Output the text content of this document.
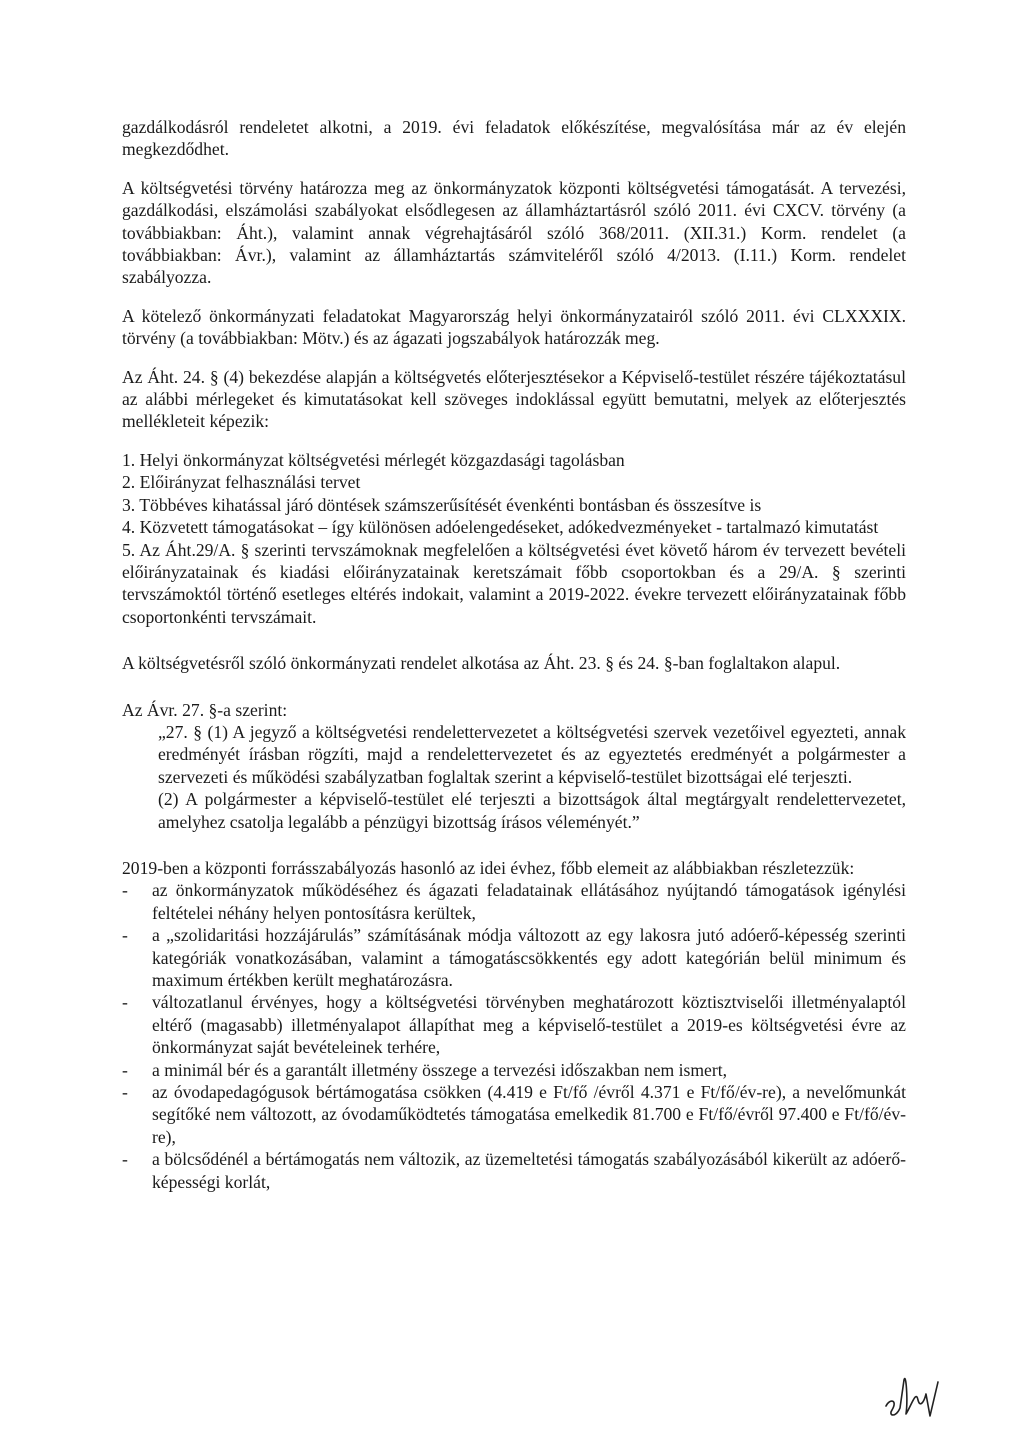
gazdálkodásról rendeletet alkotni, a 2019. évi feladatok előkészítése, megvalósítása már az év elején megkezdődhet.

A költségvetési törvény határozza meg az önkormányzatok központi költségvetési támogatását. A tervezési, gazdálkodási, elszámolási szabályokat elsődlegesen az államháztartásról szóló 2011. évi CXCV. törvény (a továbbiakban: Áht.), valamint annak végrehajtásáról szóló 368/2011. (XII.31.) Korm. rendelet (a továbbiakban: Ávr.), valamint az államháztartás számviteléről szóló 4/2013. (I.11.) Korm. rendelet szabályozza.

A kötelező önkormányzati feladatokat Magyarország helyi önkormányzatairól szóló 2011. évi CLXXXIX. törvény (a továbbiakban: Mötv.) és az ágazati jogszabályok határozzák meg.

Az Áht. 24. § (4) bekezdése alapján a költségvetés előterjesztésekor a Képviselő-testület részére tájékoztatásul az alábbi mérlegeket és kimutatásokat kell szöveges indoklással együtt bemutatni, melyek az előterjesztés mellékleteit képezik:

1. Helyi önkormányzat költségvetési mérlegét közgazdasági tagolásban

2. Előirányzat felhasználási tervet

3. Többéves kihatással járó döntések számszerűsítését évenkénti bontásban és összesítve is

4. Közvetett támogatásokat – így különösen adóelengedéseket, adókedvezményeket - tartalmazó kimutatást

5. Az Áht.29/A. § szerinti tervszámoknak megfelelően a költségvetési évet követő három év tervezett bevételi előirányzatainak és kiadási előirányzatainak keretszámait főbb csoportokban és a 29/A. § szerinti tervszámoktól történő esetleges eltérés indokait, valamint a 2019-2022. évekre tervezett előirányzatainak főbb csoportonkénti tervszámait.

A költségvetésről szóló önkormányzati rendelet alkotása az Áht. 23. § és 24. §-ban foglaltakon alapul.

Az Ávr. 27. §-a szerint:

„27. § (1) A jegyző a költségvetési rendelettervezetet a költségvetési szervek vezetőivel egyezteti, annak eredményét írásban rögzíti, majd a rendelettervezetet és az egyeztetés eredményét a polgármester a szervezeti és működési szabályzatban foglaltak szerint a képviselő-testület bizottságai elé terjeszti.

(2) A polgármester a képviselő-testület elé terjeszti a bizottságok által megtárgyalt rendelettervezetet, amelyhez csatolja legalább a pénzügyi bizottság írásos véleményét.”

2019-ben a központi forrásszabályozás hasonló az idei évhez, főbb elemeit az alábbiakban részletezzük:

-	az önkormányzatok működéséhez és ágazati feladatainak ellátásához nyújtandó támogatások igénylési feltételei néhány helyen pontosításra kerültek,
-	a „szolidaritási hozzájárulás” számításának módja változott az egy lakosra jutó adóerő-képesség szerinti kategóriák vonatkozásában, valamint a támogatáscsökkentés egy adott kategórián belül minimum és maximum értékben került meghatározásra.
-	változatlanul érvényes, hogy a költségvetési törvényben meghatározott köztisztviselői illetményalaptól eltérő (magasabb) illetményalapot állapíthat meg a képviselő-testület a 2019-es költségvetési évre az önkormányzat saját bevételeinek terhére,
-	a minimál bér és a garantált illetmény összege a tervezési időszakban nem ismert,
-	az óvodapedagógusok bértámogatása csökken (4.419 e Ft/fő /évről 4.371 e Ft/fő/év-re), a nevelőmunkát segítőké nem változott, az óvodaműködtetés támogatása emelkedik 81.700 e Ft/fő/évről 97.400 e Ft/fő/év-re),
-	a bölcsődénél a bértámogatás nem változik, az üzemeltetési támogatás szabályozásából kikerült az adóerő-képességi korlát,
